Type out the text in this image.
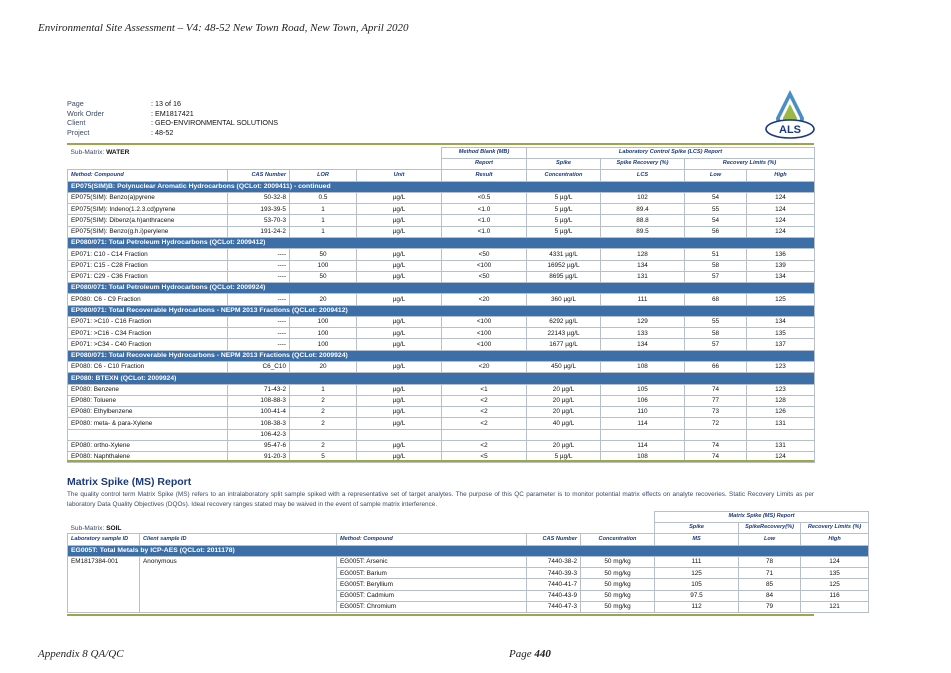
Environmental Site Assessment – V4: 48-52 New Town Road, New Town, April 2020
Page	: 13 of 16
Work Order	: EM1817421
Client	: GEO-ENVIRONMENTAL SOLUTIONS
Project	: 48-52	ALS
Sub-Matrix: WATER				Method Blank (MB)	Laboratory Control Spike (LCS) Report			
				Report	Spike	Spike Recovery (%)	Recovery Limits (%)	
Method: Compound	CAS Number	LOR	Unit	Result	Concentration	LCS	Low	High
EP075(SIM)B: Polynuclear Aromatic Hydrocarbons (QCLot: 2009411) - continued								
EP075(SIM): Benzo(a)pyrene	50-32-8	0.5	µg/L	<0.5	5 µg/L	102	54	124
EP075(SIM): Indeno(1.2.3.cd)pyrene	193-39-5	1	µg/L	<1.0	5 µg/L	89.4	55	124
EP075(SIM): Dibenz(a.h)anthracene	53-70-3	1	µg/L	<1.0	5 µg/L	88.8	54	124
EP075(SIM): Benzo(g.h.i)perylene	191-24-2	1	µg/L	<1.0	5 µg/L	89.5	56	124
EP080/071: Total Petroleum Hydrocarbons (QCLot: 2009412)								
EP071: C10 - C14 Fraction	----	50	µg/L	<50	4331 µg/L	128	51	136
EP071: C15 - C28 Fraction	----	100	µg/L	<100	16952 µg/L	134	58	139
EP071: C29 - C36 Fraction	----	50	µg/L	<50	8695 µg/L	131	57	134
EP080/071: Total Petroleum Hydrocarbons (QCLot: 2009924)								
EP080: C6 - C9 Fraction	----	20	µg/L	<20	360 µg/L	111	68	125
EP080/071: Total Recoverable Hydrocarbons - NEPM 2013 Fractions (QCLot: 2009412)								
EP071: >C10 - C16 Fraction	----	100	µg/L	<100	6292 µg/L	129	55	134
EP071: >C16 - C34 Fraction	----	100	µg/L	<100	22143 µg/L	133	58	135
EP071: >C34 - C40 Fraction	----	100	µg/L	<100	1677 µg/L	134	57	137
EP080/071: Total Recoverable Hydrocarbons - NEPM 2013 Fractions (QCLot: 2009924)								
EP080: C6 - C10 Fraction	C6_C10	20	µg/L	<20	450 µg/L	108	66	123
EP080: BTEXN (QCLot: 2009924)								
EP080: Benzene	71-43-2	1	µg/L	<1	20 µg/L	105	74	123
EP080: Toluene	108-88-3	2	µg/L	<2	20 µg/L	106	77	128
EP080: Ethylbenzene	100-41-4	2	µg/L	<2	20 µg/L	110	73	126
EP080: meta- & para-Xylene	108-38-3	2	µg/L	<2	40 µg/L	114	72	131
	106-42-3							
EP080: ortho-Xylene	95-47-6	2	µg/L	<2	20 µg/L	114	74	131
EP080: Naphthalene	91-20-3	5	µg/L	<5	5 µg/L	108	74	124
Matrix Spike (MS) Report
The quality control term Matrix Spike (MS) refers to an intralaboratory split sample spiked with a representative set of target analytes. The purpose of this QC parameter is to monitor potential matrix effects on analyte recoveries. Static Recovery Limits as per laboratory Data Quality Objectives (DQOs). Ideal recovery ranges stated may be waived in the event of sample matrix interference.
Sub-Matrix: SOIL					Matrix Spike (MS) Report		
					Spike	SpikeRecovery(%)	Recovery Limits (%)
Laboratory sample ID	Client sample ID	Method: Compound	CAS Number	Concentration	MS	Low	High
EG005T: Total Metals by ICP-AES (QCLot: 2011178)							
EM1817384-001	Anonymous	EG005T: Arsenic	7440-38-2	50 mg/kg	111	78	124
		EG005T: Barium	7440-39-3	50 mg/kg	125	71	135
		EG005T: Beryllium	7440-41-7	50 mg/kg	105	85	125
		EG005T: Cadmium	7440-43-9	50 mg/kg	97.5	84	116
		EG005T: Chromium	7440-47-3	50 mg/kg	112	79	121
Appendix 8 QA/QC	Page 440
